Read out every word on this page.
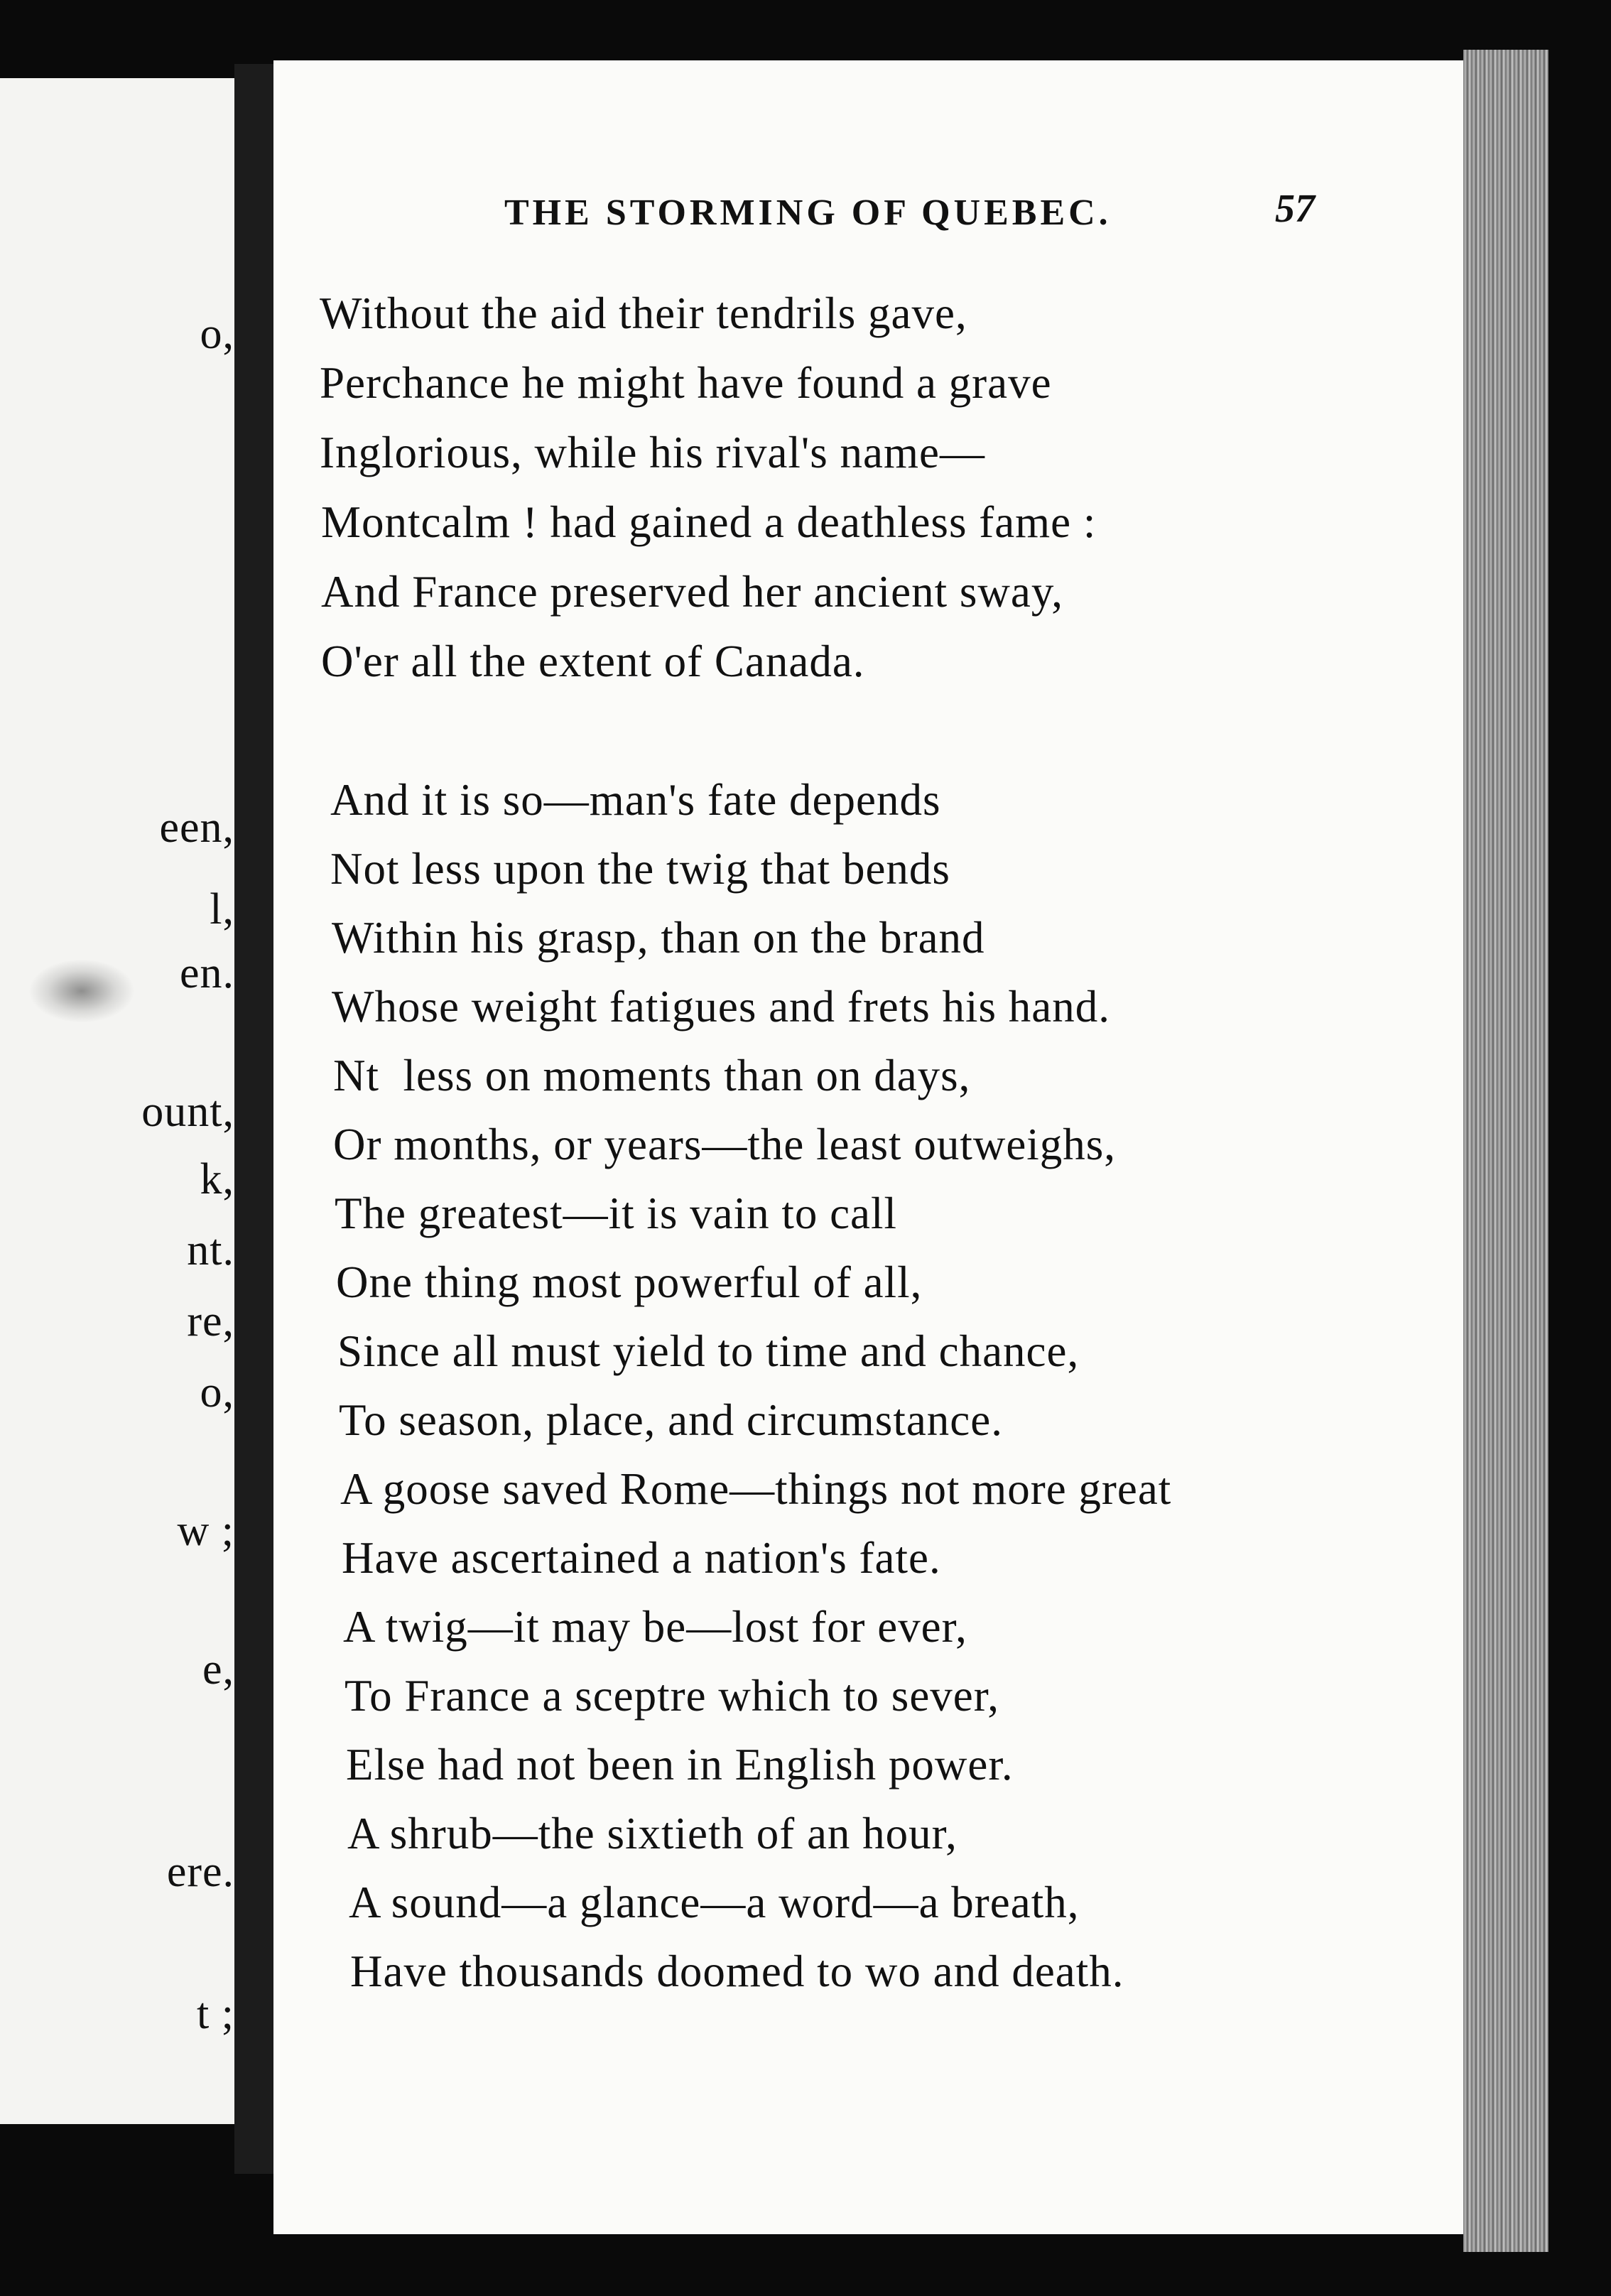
o,
een,
l,
en.
ount,
k,
nt.
re,
o,
w ;
e,
ere.
t ;
THE STORMING OF QUEBEC.	57
Without the aid their tendrils gave,
Perchance he might have found a grave
Inglorious, while his rival's name—
Montcalm ! had gained a deathless fame :
And France preserved her ancient sway,
O'er all the extent of Canada.
And it is so—man's fate depends
Not less upon the twig that bends
Within his grasp, than on the brand
Whose weight fatigues and frets his hand.
Nt  less on moments than on days,
Or months, or years—the least outweighs,
The greatest—it is vain to call
One thing most powerful of all,
Since all must yield to time and chance,
To season, place, and circumstance.
A goose saved Rome—things not more great
Have ascertained a nation's fate.
A twig—it may be—lost for ever,
To France a sceptre which to sever,
Else had not been in English power.
A shrub—the sixtieth of an hour,
A sound—a glance—a word—a breath,
Have thousands doomed to wo and death.
